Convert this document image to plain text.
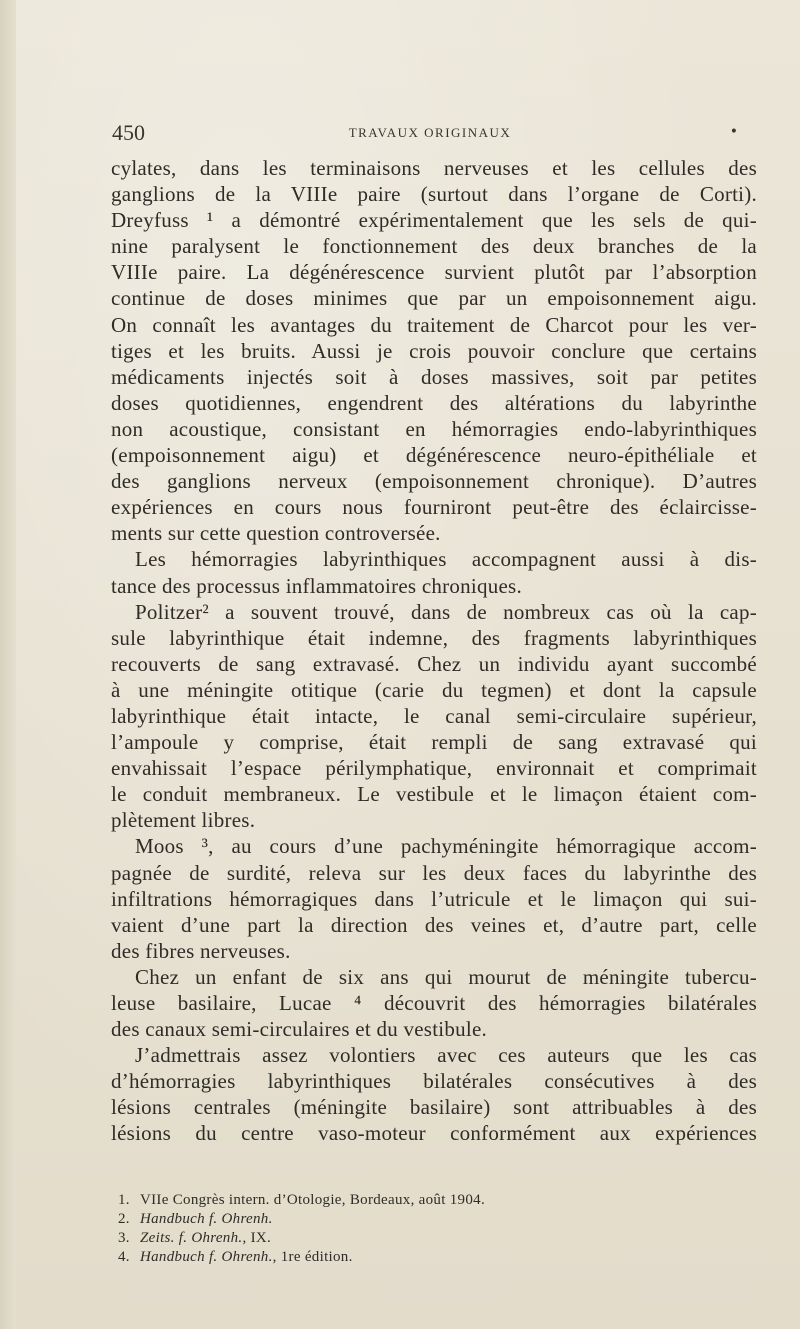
450	TRAVAUX ORIGINAUX	•
cylates, dans les terminaisons nerveuses et les cellules des
ganglions de la VIIIe paire (surtout dans l’organe de Corti).
Dreyfuss ¹ a démontré expérimentalement que les sels de qui-
nine paralysent le fonctionnement des deux branches de la
VIIIe paire. La dégénérescence survient plutôt par l’absorption
continue de doses minimes que par un empoisonnement aigu.
On connaît les avantages du traitement de Charcot pour les ver-
tiges et les bruits. Aussi je crois pouvoir conclure que certains
médicaments injectés soit à doses massives, soit par petites
doses quotidiennes, engendrent des altérations du labyrinthe
non acoustique, consistant en hémorragies endo-labyrinthiques
(empoisonnement aigu) et dégénérescence neuro-épithéliale et
des ganglions nerveux (empoisonnement chronique). D’autres
expériences en cours nous fourniront peut-être des éclaircisse-
ments sur cette question controversée.
Les hémorragies labyrinthiques accompagnent aussi à dis-
tance des processus inflammatoires chroniques.
Politzer² a souvent trouvé, dans de nombreux cas où la cap-
sule labyrinthique était indemne, des fragments labyrinthiques
recouverts de sang extravasé. Chez un individu ayant succombé
à une méningite otitique (carie du tegmen) et dont la capsule
labyrinthique était intacte, le canal semi-circulaire supérieur,
l’ampoule y comprise, était rempli de sang extravasé qui
envahissait l’espace périlymphatique, environnait et comprimait
le conduit membraneux. Le vestibule et le limaçon étaient com-
plètement libres.
Moos ³, au cours d’une pachyméningite hémorragique accom-
pagnée de surdité, releva sur les deux faces du labyrinthe des
infiltrations hémorragiques dans l’utricule et le limaçon qui sui-
vaient d’une part la direction des veines et, d’autre part, celle
des fibres nerveuses.
Chez un enfant de six ans qui mourut de méningite tubercu-
leuse basilaire, Lucae ⁴ découvrit des hémorragies bilatérales
des canaux semi-circulaires et du vestibule.
J’admettrais assez volontiers avec ces auteurs que les cas
d’hémorragies labyrinthiques bilatérales consécutives à des
lésions centrales (méningite basilaire) sont attribuables à des
lésions du centre vaso-moteur conformément aux expériences
1. VIIe Congrès intern. d’Otologie, Bordeaux, août 1904.
2. Handbuch f. Ohrenh.
3. Zeits. f. Ohrenh., IX.
4. Handbuch f. Ohrenh., 1re édition.
